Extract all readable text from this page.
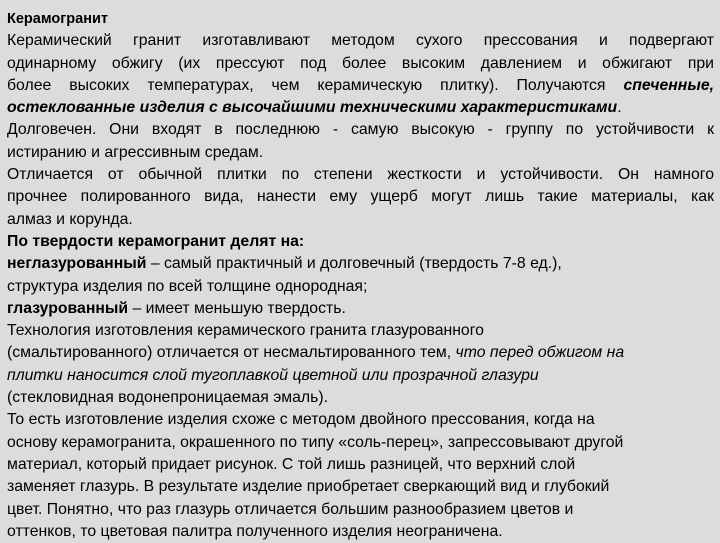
Керамогранит
Керамический гранит изготавливают методом сухого прессования и подвергают
одинарному обжигу (их прессуют под более высоким давлением и обжигают при
более высоких температурах, чем керамическую плитку). Получаются спеченные,
остеклованные изделия с высочайшими техническими характеристиками.
Долговечен. Они входят в последнюю - самую высокую - группу по устойчивости к
истиранию и агрессивным средам.
Отличается от обычной плитки по степени жесткости и устойчивости. Он намного
прочнее полированного вида, нанести ему ущерб могут лишь такие материалы, как
алмаз и корунда.
По твердости керамогранит делят на:
неглазурованный – самый практичный и долговечный (твердость 7-8 ед.),
структура изделия по всей толщине однородная;
глазурованный – имеет меньшую твердость.
Технология изготовления керамического гранита глазурованного
(смальтированного) отличается от несмальтированного тем, что перед обжигом на
плитки наносится слой тугоплавкой цветной или прозрачной глазури
(стекловидная водонепроницаемая эмаль).
То есть изготовление изделия схоже с методом двойного прессования, когда на
основу керамогранита, окрашенного по типу «соль-перец», запрессовывают другой
материал, который придает рисунок. С той лишь разницей, что верхний слой
заменяет глазурь. В результате изделие приобретает сверкающий вид и глубокий
цвет. Понятно, что раз глазурь отличается большим разнообразием цветов и
оттенков, то цветовая палитра полученного изделия неограниченa.
